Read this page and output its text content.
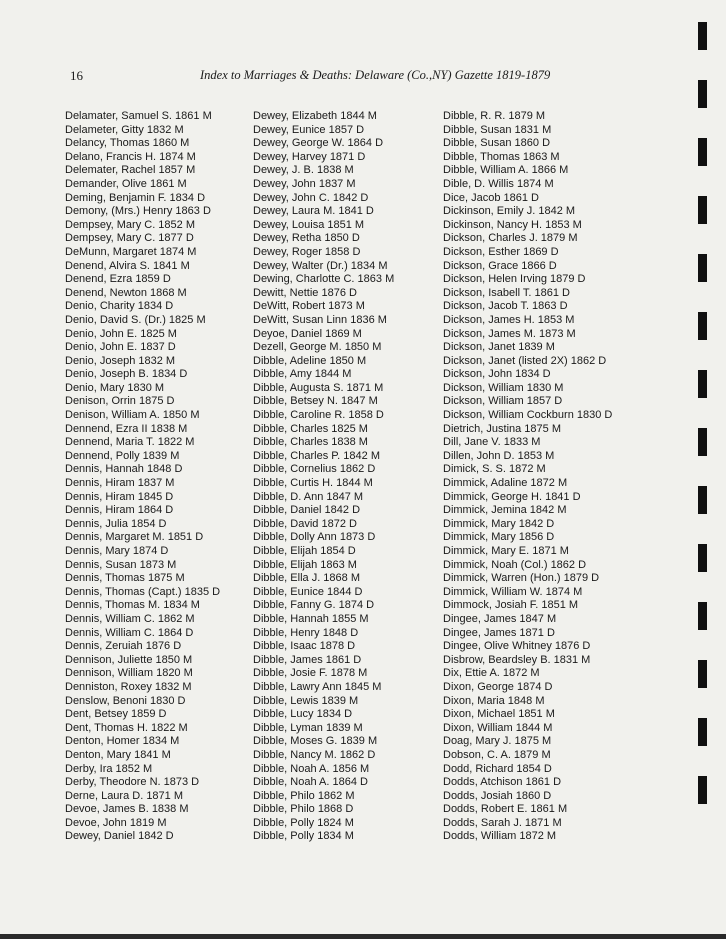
16	Index to Marriages & Deaths: Delaware (Co.,NY) Gazette 1819-1879
Delamater, Samuel S. 1861 M
Delameter, Gitty 1832 M
Delancy, Thomas 1860 M
Delano, Francis H. 1874 M
Delemater, Rachel 1857 M
Demander, Olive 1861 M
Deming, Benjamin F. 1834 D
Demony, (Mrs.) Henry 1863 D
Dempsey, Mary C. 1852 M
Dempsey, Mary C. 1877 D
DeMunn, Margaret 1874 M
Denend, Alvira S. 1841 M
Denend, Ezra 1859 D
Denend, Newton 1868 M
Denio, Charity 1834 D
Denio, David S. (Dr.) 1825 M
Denio, John E. 1825 M
Denio, John E. 1837 D
Denio, Joseph 1832 M
Denio, Joseph B. 1834 D
Denio, Mary 1830 M
Denison, Orrin 1875 D
Denison, William A. 1850 M
Dennend, Ezra II 1838 M
Dennend, Maria T. 1822 M
Dennend, Polly 1839 M
Dennis, Hannah 1848 D
Dennis, Hiram 1837 M
Dennis, Hiram 1845 D
Dennis, Hiram 1864 D
Dennis, Julia 1854 D
Dennis, Margaret M. 1851 D
Dennis, Mary 1874 D
Dennis, Susan 1873 M
Dennis, Thomas 1875 M
Dennis, Thomas (Capt.) 1835 D
Dennis, Thomas M. 1834 M
Dennis, William C. 1862 M
Dennis, William C. 1864 D
Dennis, Zeruiah 1876 D
Dennison, Juliette 1850 M
Dennison, William 1820 M
Denniston, Roxey 1832 M
Denslow, Benoni 1830 D
Dent, Betsey 1859 D
Dent, Thomas H. 1822 M
Denton, Homer 1834 M
Denton, Mary 1841 M
Derby, Ira 1852 M
Derby, Theodore N. 1873 D
Derne, Laura D. 1871 M
Devoe, James B. 1838 M
Devoe, John 1819 M
Dewey, Daniel 1842 D
Dewey, Elizabeth 1844 M
Dewey, Eunice 1857 D
Dewey, George W. 1864 D
Dewey, Harvey 1871 D
Dewey, J. B. 1838 M
Dewey, John 1837 M
Dewey, John C. 1842 D
Dewey, Laura M. 1841 D
Dewey, Louisa 1851 M
Dewey, Retha 1850 D
Dewey, Roger 1858 D
Dewey, Walter (Dr.) 1834 M
Dewing, Charlotte C. 1863 M
Dewitt, Nettie 1876 D
DeWitt, Robert 1873 M
DeWitt, Susan Linn 1836 M
Deyoe, Daniel 1869 M
Dezell, George M. 1850 M
Dibble, Adeline 1850 M
Dibble, Amy 1844 M
Dibble, Augusta S. 1871 M
Dibble, Betsey N. 1847 M
Dibble, Caroline R. 1858 D
Dibble, Charles 1825 M
Dibble, Charles 1838 M
Dibble, Charles P. 1842 M
Dibble, Cornelius 1862 D
Dibble, Curtis H. 1844 M
Dibble, D. Ann 1847 M
Dibble, Daniel 1842 D
Dibble, David 1872 D
Dibble, Dolly Ann 1873 D
Dibble, Elijah 1854 D
Dibble, Elijah 1863 M
Dibble, Ella J. 1868 M
Dibble, Eunice 1844 D
Dibble, Fanny G. 1874 D
Dibble, Hannah 1855 M
Dibble, Henry 1848 D
Dibble, Isaac 1878 D
Dibble, James 1861 D
Dibble, Josie F. 1878 M
Dibble, Lawry Ann 1845 M
Dibble, Lewis 1839 M
Dibble, Lucy 1834 D
Dibble, Lyman 1839 M
Dibble, Moses G. 1839 M
Dibble, Nancy M. 1862 D
Dibble, Noah A. 1856 M
Dibble, Noah A. 1864 D
Dibble, Philo 1862 M
Dibble, Philo 1868 D
Dibble, Polly 1824 M
Dibble, Polly 1834 M
Dibble, R. R. 1879 M
Dibble, Susan 1831 M
Dibble, Susan 1860 D
Dibble, Thomas 1863 M
Dibble, William A. 1866 M
Dible, D. Willis 1874 M
Dice, Jacob 1861 D
Dickinson, Emily J. 1842 M
Dickinson, Nancy H. 1853 M
Dickson, Charles J. 1879 M
Dickson, Esther 1869 D
Dickson, Grace 1866 D
Dickson, Helen Irving 1879 D
Dickson, Isabell T. 1861 D
Dickson, Jacob T. 1863 D
Dickson, James H. 1853 M
Dickson, James M. 1873 M
Dickson, Janet 1839 M
Dickson, Janet (listed 2X) 1862 D
Dickson, John 1834 D
Dickson, William 1830 M
Dickson, William 1857 D
Dickson, William Cockburn 1830 D
Dietrich, Justina 1875 M
Dill, Jane V. 1833 M
Dillen, John D. 1853 M
Dimick, S. S. 1872 M
Dimmick, Adaline 1872 M
Dimmick, George H. 1841 D
Dimmick, Jemina 1842 M
Dimmick, Mary 1842 D
Dimmick, Mary 1856 D
Dimmick, Mary E. 1871 M
Dimmick, Noah (Col.) 1862 D
Dimmick, Warren (Hon.) 1879 D
Dimmick, William W. 1874 M
Dimmock, Josiah F. 1851 M
Dingee, James 1847 M
Dingee, James 1871 D
Dingee, Olive Whitney 1876 D
Disbrow, Beardsley B. 1831 M
Dix, Ettie A. 1872 M
Dixon, George 1874 D
Dixon, Maria 1848 M
Dixon, Michael 1851 M
Dixon, William 1844 M
Doag, Mary J. 1875 M
Dobson, C. A. 1879 M
Dodd, Richard 1854 D
Dodds, Atchison 1861 D
Dodds, Josiah 1860 D
Dodds, Robert E. 1861 M
Dodds, Sarah J. 1871 M
Dodds, William 1872 M
